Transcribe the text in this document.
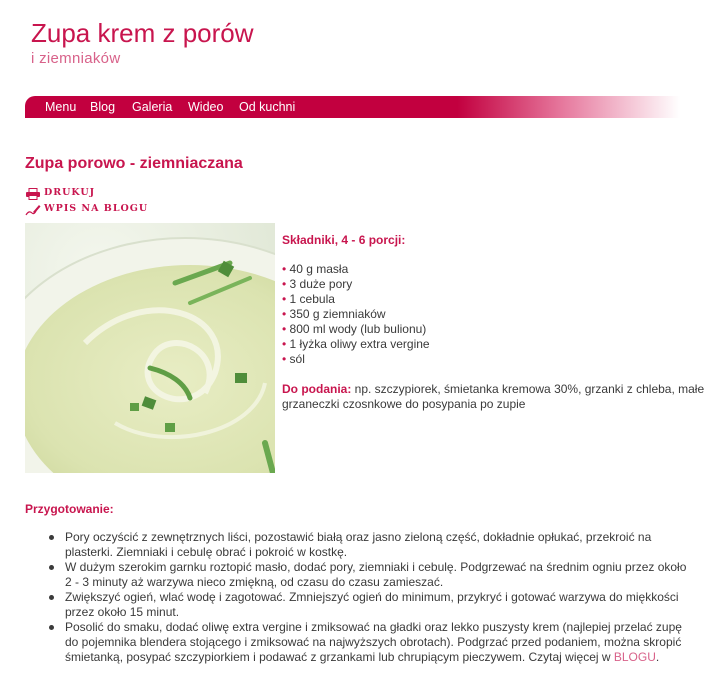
Zupa krem z porów
i ziemniaków
Menu Blog Galeria Wideo Od kuchni
Zupa porowo - ziemniaczana
DRUKUJ
WPIS NA BLOGU
Składniki, 4 - 6 porcji:
• 40 g masła
• 3 duże pory
• 1 cebula
• 350 g ziemniaków
• 800 ml wody (lub bulionu)
• 1 łyżka oliwy extra vergine
• sól
Do podania: np. szczypiorek, śmietanka kremowa 30%, grzanki z chleba, małe grzaneczki czosnkowe do posypania po zupie
Przygotowanie:
Pory oczyścić z zewnętrznych liści, pozostawić białą oraz jasno zieloną część, dokładnie opłukać, przekroić na plasterki. Ziemniaki i cebulę obrać i pokroić w kostkę.
W dużym szerokim garnku roztopić masło, dodać pory, ziemniaki i cebulę. Podgrzewać na średnim ogniu przez około 2 - 3 minuty aż warzywa nieco zmiękną, od czasu do czasu zamieszać.
Zwiększyć ogień, wlać wodę i zagotować. Zmniejszyć ogień do minimum, przykryć i gotować warzywa do miękkości przez około 15 minut.
Posolić do smaku, dodać oliwę extra vergine i zmiksować na gładki oraz lekko puszysty krem (najlepiej przelać zupę do pojemnika blendera stojącego i zmiksować na najwyższych obrotach). Podgrzać przed podaniem, można skropić śmietanką, posypać szczypiorkiem i podawać z grzankami lub chrupiącym pieczywem. Czytaj więcej w BLOGU.
